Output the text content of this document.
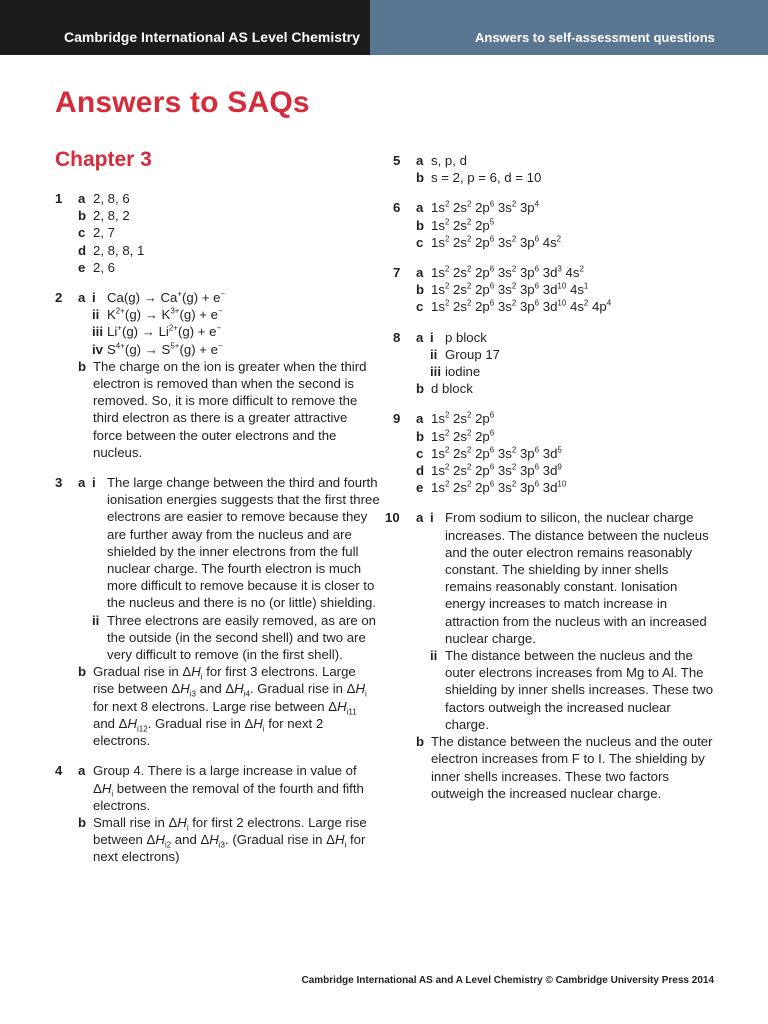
Cambridge International AS Level Chemistry	Answers to self-assessment questions
Answers to SAQs
Chapter 3
1 a 2, 8, 6
b 2, 8, 2
c 2, 7
d 2, 8, 8, 1
e 2, 6
2 a i Ca(g) → Ca+(g) + e−
ii $K^{2+}(g) \to K^{3+}(g) + e^-$
iii $Li^+(g) \to Li^{2+}(g) + e^-$
iv $S^{4+}(g) \to S^{5+}(g) + e^-$
b The charge on the ion is greater when the third electron is removed than when the second is removed. So, it is more difficult to remove the third electron as there is a greater attractive force between the outer electrons and the nucleus.
3 a i The large change between the third and fourth ionisation energies suggests that the first three electrons are easier to remove because they are further away from the nucleus and are shielded by the inner electrons from the full nuclear charge. The fourth electron is much more difficult to remove because it is closer to the nucleus and there is no (or little) shielding.
ii Three electrons are easily removed, as are on the outside (in the second shell) and two are very difficult to remove (in the first shell).
b Gradual rise in $\Delta H_i$ for first 3 electrons. Large rise between $\Delta H_{i3}$ and $\Delta H_{i4}$. Gradual rise in $\Delta H_i$ for next 8 electrons. Large rise between $\Delta H_{i11}$ and $\Delta H_{i12}$. Gradual rise in $\Delta H_i$ for next 2 electrons.
4 a Group 4. There is a large increase in value of $\Delta H_i$ between the removal of the fourth and fifth electrons.
b Small rise in $\Delta H_i$ for first 2 electrons. Large rise between $\Delta H_{i2}$ and $\Delta H_{i3}$. (Gradual rise in $\Delta H_i$ for next electrons)
5 a s, p, d
b s = 2, p = 6, d = 10
6 a $1s^2$ $2s^2$ $2p^6$ $3s^2$ $3p^4$
b $1s^2$ $2s^2$ $2p^5$
c $1s^2$ $2s^2$ $2p^6$ $3s^2$ $3p^6$ $4s^2$
7 a $1s^2$ $2s^2$ $2p^6$ $3s^2$ $3p^6$ $3d^3$ $4s^2$
b $1s^2$ $2s^2$ $2p^6$ $3s^2$ $3p^6$ $3d^{10}$ $4s^1$
c $1s^2$ $2s^2$ $2p^6$ $3s^2$ $3p^6$ $3d^{10}$ $4s^2$ $4p^4$
8 a i p block
ii Group 17
iii iodine
b d block
9 a $1s^2$ $2s^2$ $2p^6$
b $1s^2$ $2s^2$ $2p^6$
c $1s^2$ $2s^2$ $2p^6$ $3s^2$ $3p^6$ $3d^5$
d $1s^2$ $2s^2$ $2p^6$ $3s^2$ $3p^6$ $3d^9$
e $1s^2$ $2s^2$ $2p^6$ $3s^2$ $3p^6$ $3d^{10}$
10 a i From sodium to silicon, the nuclear charge increases. The distance between the nucleus and the outer electron remains reasonably constant. The shielding by inner shells remains reasonably constant. Ionisation energy increases to match increase in attraction from the nucleus with an increased nuclear charge.
ii The distance between the nucleus and the outer electrons increases from Mg to Al. The shielding by inner shells increases. These two factors outweigh the increased nuclear charge.
b The distance between the nucleus and the outer electron increases from F to I. The shielding by inner shells increases. These two factors outweigh the increased nuclear charge.
Cambridge International AS and A Level Chemistry © Cambridge University Press 2014
